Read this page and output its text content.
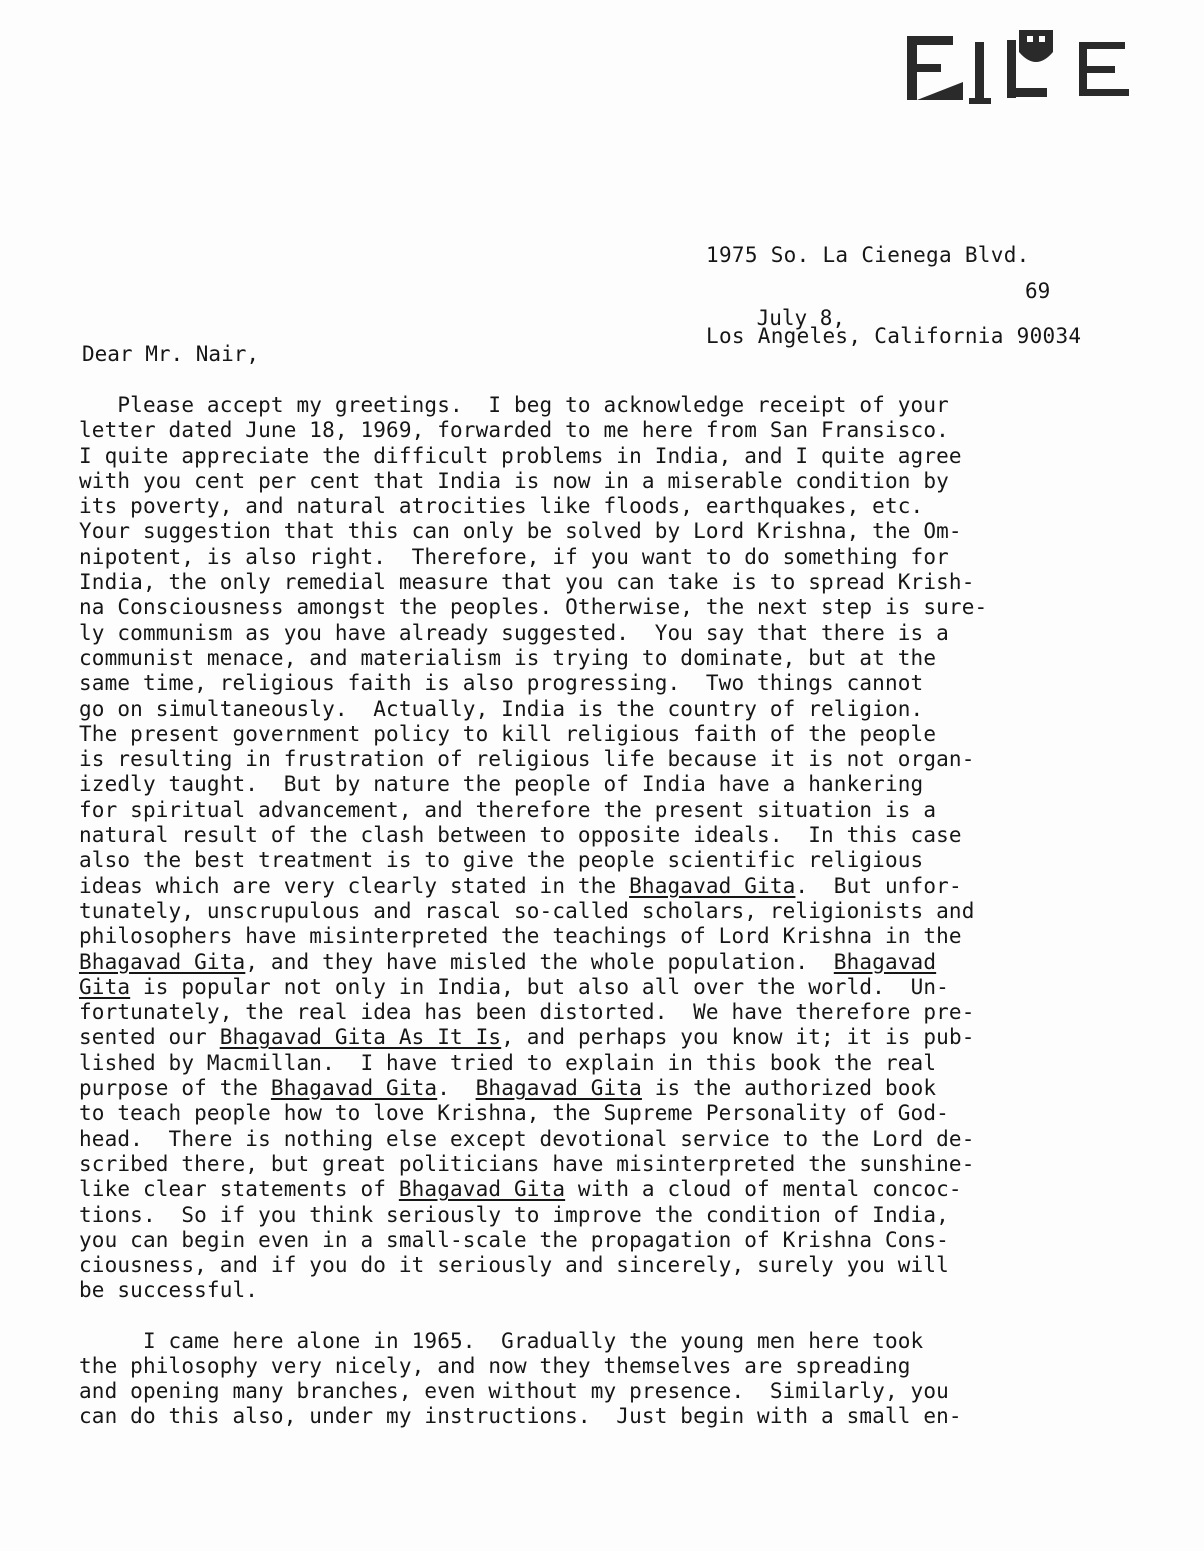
1975 So. La Cienega Blvd.

Los Angeles, California 90034

July 8,

69

Dear Mr. Nair,
Please accept my greetings.  I beg to acknowledge receipt of your
letter dated June 18, 1969, forwarded to me here from San Fransisco.
I quite appreciate the difficult problems in India, and I quite agree
with you cent per cent that India is now in a miserable condition by
its poverty, and natural atrocities like floods, earthquakes, etc.
Your suggestion that this can only be solved by Lord Krishna, the Om-
nipotent, is also right.  Therefore, if you want to do something for
India, the only remedial measure that you can take is to spread Krish-
na Consciousness amongst the peoples. Otherwise, the next step is sure-
ly communism as you have already suggested.  You say that there is a
communist menace, and materialism is trying to dominate, but at the
same time, religious faith is also progressing.  Two things cannot
go on simultaneously.  Actually, India is the country of religion.
The present government policy to kill religious faith of the people
is resulting in frustration of religious life because it is not organ-
izedly taught.  But by nature the people of India have a hankering
for spiritual advancement, and therefore the present situation is a
natural result of the clash between to opposite ideals.  In this case
also the best treatment is to give the people scientific religious
ideas which are very clearly stated in the Bhagavad Gita.  But unfor-
tunately, unscrupulous and rascal so-called scholars, religionists and
philosophers have misinterpreted the teachings of Lord Krishna in the
Bhagavad Gita, and they have misled the whole population.  Bhagavad
Gita is popular not only in India, but also all over the world.  Un-
fortunately, the real idea has been distorted.  We have therefore pre-
sented our Bhagavad Gita As It Is, and perhaps you know it; it is pub-
lished by Macmillan.  I have tried to explain in this book the real
purpose of the Bhagavad Gita.  Bhagavad Gita is the authorized book
to teach people how to love Krishna, the Supreme Personality of God-
head.  There is nothing else except devotional service to the Lord de-
scribed there, but great politicians have misinterpreted the sunshine-
like clear statements of Bhagavad Gita with a cloud of mental concoc-
tions.  So if you think seriously to improve the condition of India,
you can begin even in a small-scale the propagation of Krishna Cons-
ciousness, and if you do it seriously and sincerely, surely you will
be successful.
I came here alone in 1965.  Gradually the young men here took
the philosophy very nicely, and now they themselves are spreading
and opening many branches, even without my presence.  Similarly, you
can do this also, under my instructions.  Just begin with a small en-
